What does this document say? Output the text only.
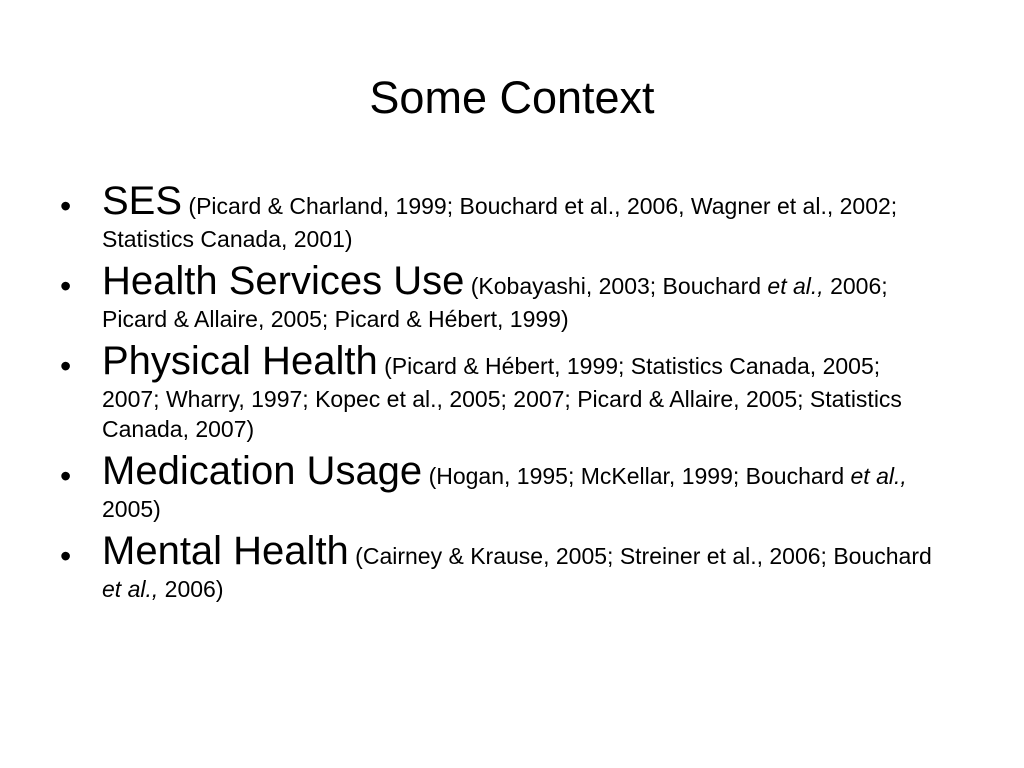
Some Context
• SES (Picard & Charland, 1999; Bouchard et al., 2006, Wagner et al., 2002; Statistics Canada, 2001)
• Health Services Use (Kobayashi, 2003; Bouchard et al., 2006; Picard & Allaire, 2005; Picard & Hébert, 1999)
• Physical Health (Picard & Hébert, 1999; Statistics Canada, 2005; 2007; Wharry, 1997; Kopec et al., 2005; 2007; Picard & Allaire, 2005; Statistics Canada, 2007)
• Medication Usage (Hogan, 1995; McKellar, 1999; Bouchard et al., 2005)
• Mental Health (Cairney & Krause, 2005; Streiner et al., 2006; Bouchard et al., 2006)
